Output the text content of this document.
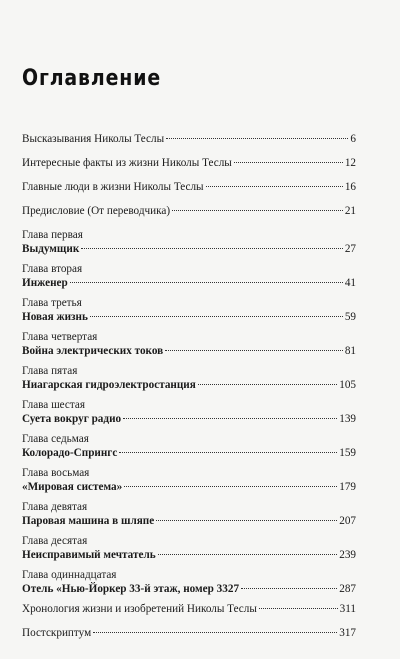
Оглавление
Высказывания Николы Теслы	6
Интересные факты из жизни Николы Теслы	12
Главные люди в жизни Николы Теслы	16
Предисловие (От переводчика)	21
Глава первая
Выдумщик	27
Глава вторая
Инженер	41
Глава третья
Новая жизнь	59
Глава четвертая
Война электрических токов	81
Глава пятая
Ниагарская гидроэлектростанция	105
Глава шестая
Суета вокруг радио	139
Глава седьмая
Колорадо-Спрингс	159
Глава восьмая
«Мировая система»	179
Глава девятая
Паровая машина в шляпе	207
Глава десятая
Неисправимый мечтатель	239
Глава одиннадцатая
Отель «Нью-Йоркер 33-й этаж, номер 3327	287
Хронология жизни и изобретений Николы Теслы	311
Постскриптум	317
